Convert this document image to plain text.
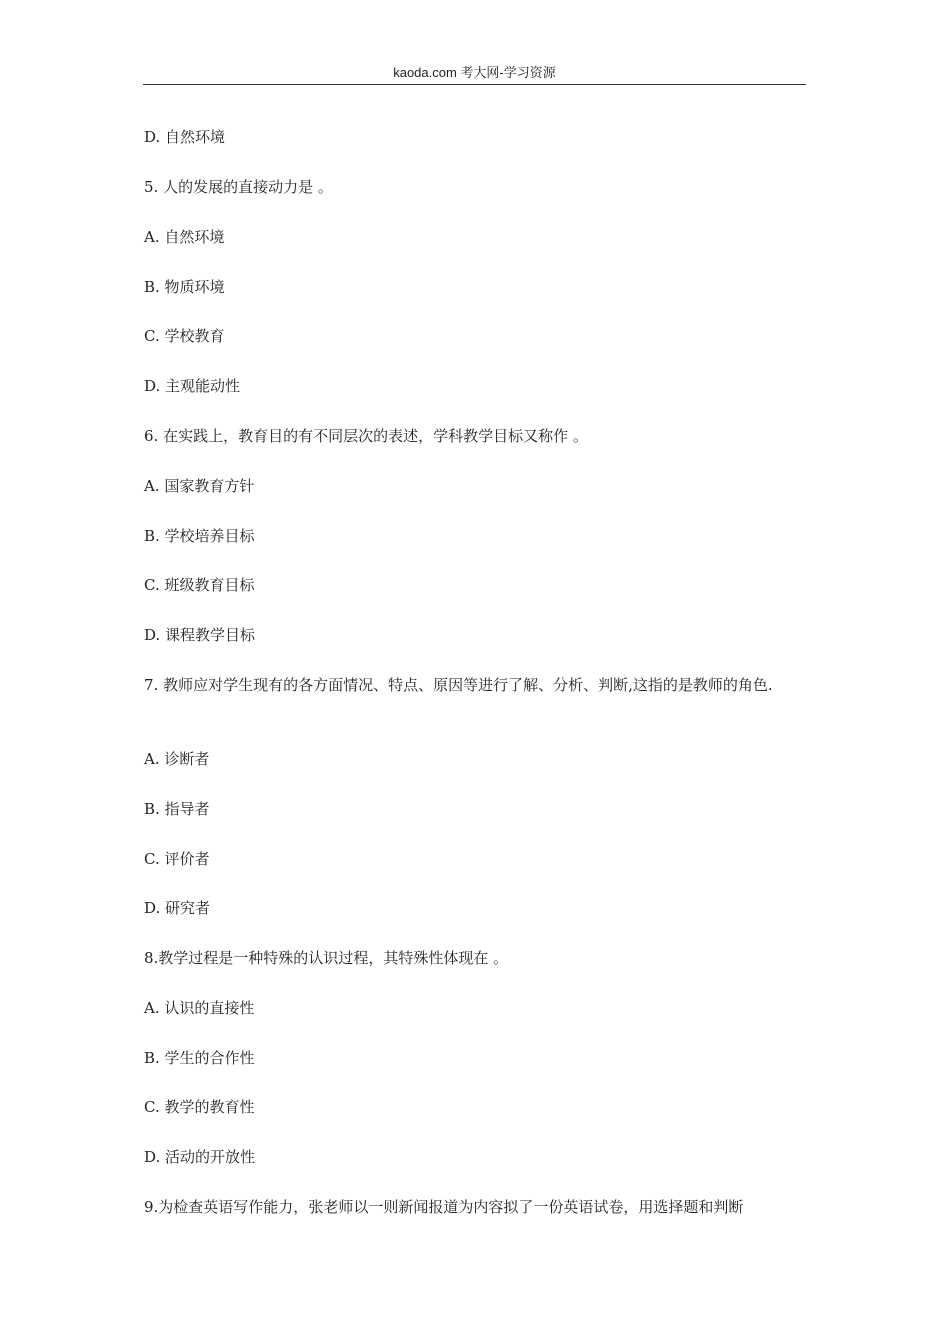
kaoda.com 考大网-学习资源
D. 自然环境
5. 人的发展的直接动力是 。
A. 自然环境
B. 物质环境
C. 学校教育
D. 主观能动性
6. 在实践上，教育目的有不同层次的表述，学科教学目标又称作 。
A. 国家教育方针
B. 学校培养目标
C. 班级教育目标
D. 课程教学目标
7. 教师应对学生现有的各方面情况、特点、原因等进行了解、分析、判断,这指的是教师的角色.
A. 诊断者
B. 指导者
C. 评价者
D. 研究者
8.教学过程是一种特殊的认识过程，其特殊性体现在 。
A. 认识的直接性
B. 学生的合作性
C. 教学的教育性
D. 活动的开放性
9.为检查英语写作能力，张老师以一则新闻报道为内容拟了一份英语试卷，用选择题和判断
